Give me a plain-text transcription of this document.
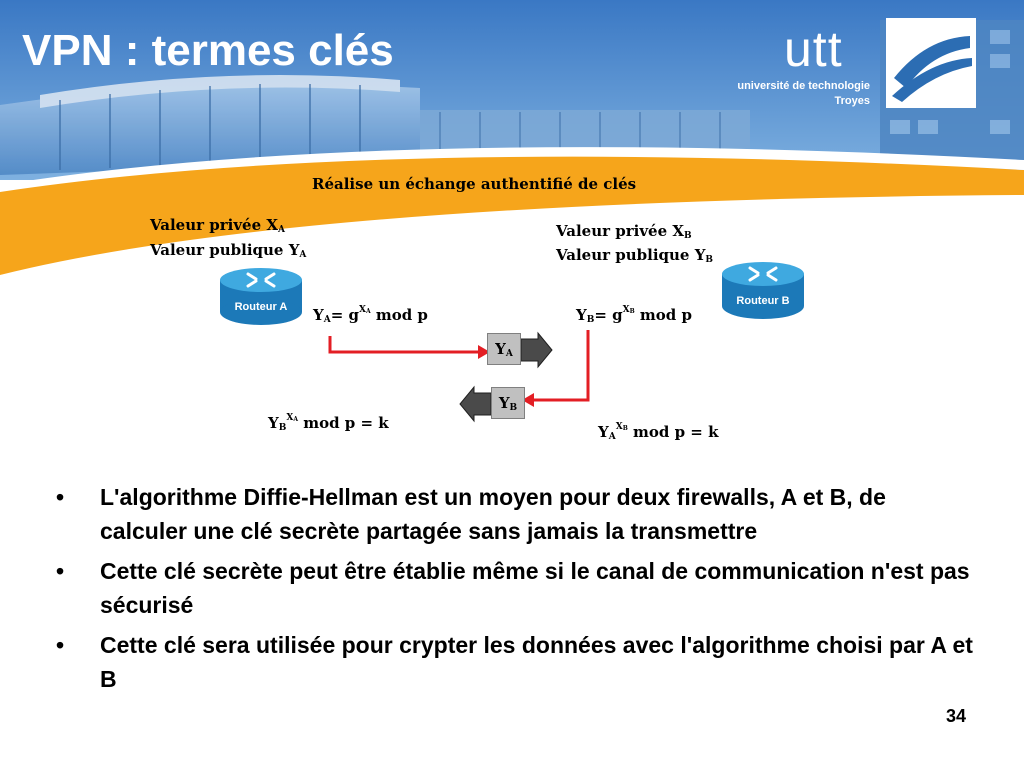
VPN : termes clés	utt
université de technologie
Troyes
Réalise un échange authentifié de clés
Valeur privée $X_A$
Valeur publique $Y_A$
Valeur privée $X_B$
Valeur publique $Y_B$
Routeur A	Routeur B
$Y_A= g^{XA}$ mod p	$Y_B= g^{XB}$ mod p
$Y_B^{XA}$ mod p = k	$Y_A^{XB}$ mod p = k
$Y_A$
$Y_B$
• L'algorithme Diffie-Hellman est un moyen pour deux firewalls, A et B, de calculer une clé secrète partagée sans jamais la transmettre
• Cette clé secrète peut être établie même si le canal de communication n'est pas sécurisé
• Cette clé sera utilisée pour crypter les données avec l'algorithme choisi par A et B
34
